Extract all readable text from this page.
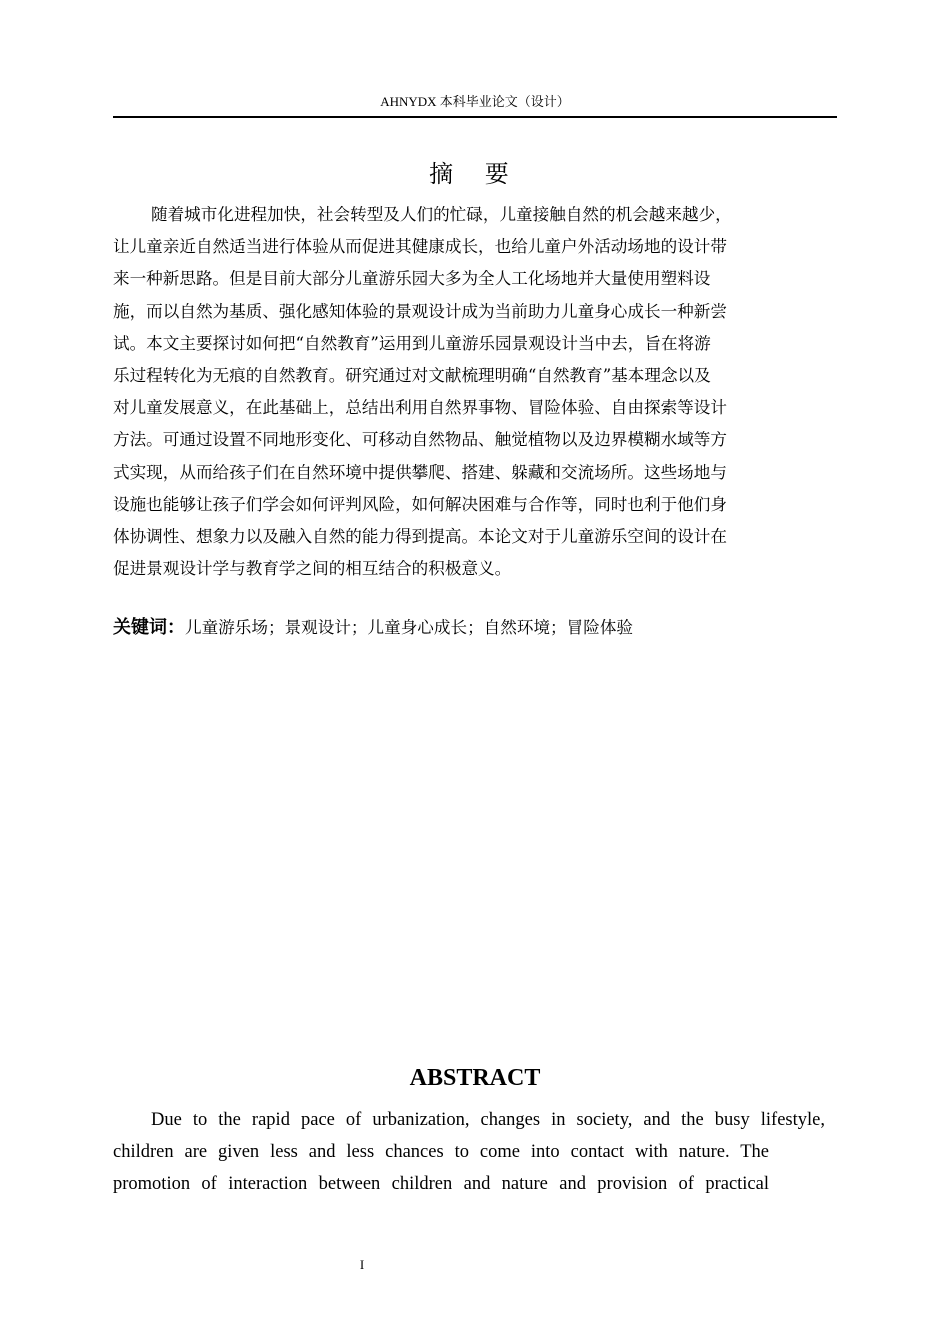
AHNYDX 本科毕业论文（设计）
摘 要

随着城市化进程加快，社会转型及人们的忙碌，儿童接触自然的机会越来越少，
让儿童亲近自然适当进行体验从而促进其健康成长，也给儿童户外活动场地的设计带
来一种新思路。但是目前大部分儿童游乐园大多为全人工化场地并大量使用塑料设
施，而以自然为基质、强化感知体验的景观设计成为当前助力儿童身心成长一种新尝
试。本文主要探讨如何把“自然教育”运用到儿童游乐园景观设计当中去，旨在将游
乐过程转化为无痕的自然教育。研究通过对文献梳理明确“自然教育”基本理念以及
对儿童发展意义，在此基础上，总结出利用自然界事物、冒险体验、自由探索等设计
方法。可通过设置不同地形变化、可移动自然物品、触觉植物以及边界模糊水域等方
式实现，从而给孩子们在自然环境中提供攀爬、搭建、躲藏和交流场所。这些场地与
设施也能够让孩子们学会如何评判风险，如何解决困难与合作等，同时也利于他们身
体协调性、想象力以及融入自然的能力得到提高。本论文对于儿童游乐空间的设计在
促进景观设计学与教育学之间的相互结合的积极意义。

关键词：儿童游乐场；景观设计；儿童身心成长；自然环境；冒险体验
ABSTRACT
Due to the rapid pace of urbanization, changes in society, and the busy lifestyle,
children are given less and less chances to come into contact with nature. The
promotion of interaction between children and nature and provision of practical
I
